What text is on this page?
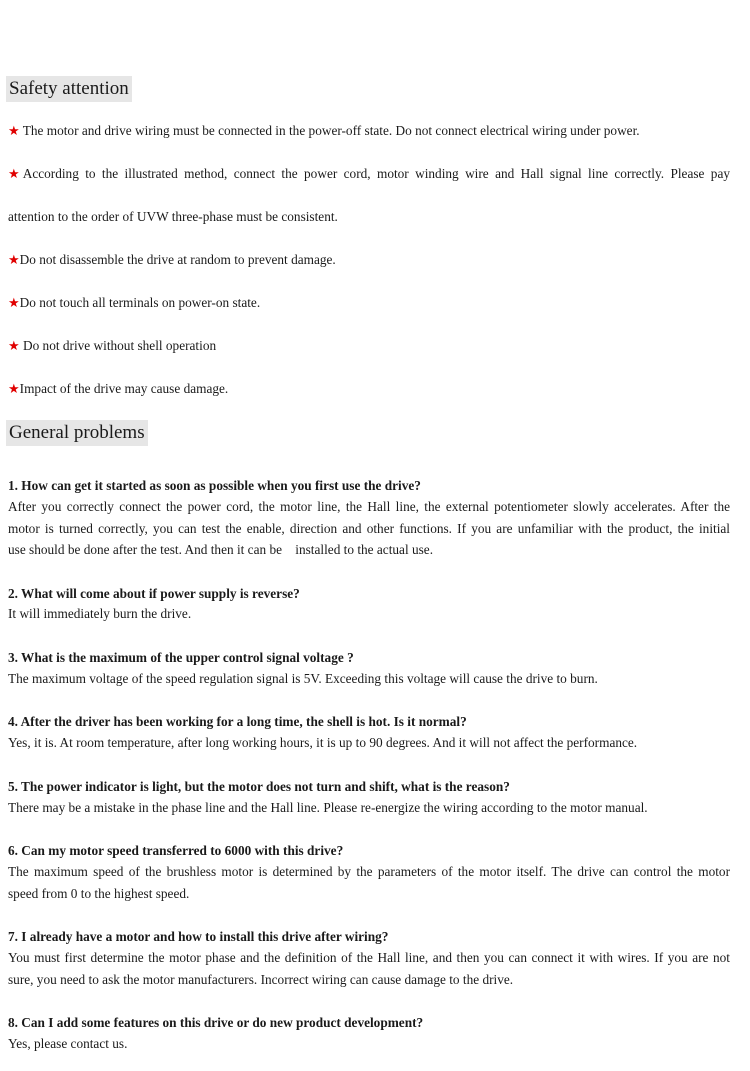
Safety attention
★ The motor and drive wiring must be connected in the power-off state. Do not connect electrical wiring under power.
★According to the illustrated method, connect the power cord, motor winding wire and Hall signal line correctly. Please pay
attention to the order of UVW three-phase must be consistent.
★Do not disassemble the drive at random to prevent damage.
★Do not touch all terminals on power-on state.
★ Do not drive without shell operation
★Impact of the drive may cause damage.
General problems
1. How can get it started as soon as possible when you first use the drive?
After you correctly connect the power cord, the motor line, the Hall line, the external potentiometer slowly accelerates. After the
motor is turned correctly, you can test the enable, direction and other functions. If you are unfamiliar with the product, the initial
use should be done after the test. And then it can be    installed to the actual use.
2. What will come about if power supply is reverse?
It will immediately burn the drive.
3. What is the maximum of the upper control signal voltage ?
The maximum voltage of the speed regulation signal is 5V. Exceeding this voltage will cause the drive to burn.
4. After the driver has been working for a long time, the shell is hot. Is it normal?
Yes, it is. At room temperature, after long working hours, it is up to 90 degrees. And it will not affect the performance.
5. The power indicator is light, but the motor does not turn and shift, what is the reason?
There may be a mistake in the phase line and the Hall line. Please re-energize the wiring according to the motor manual.
6. Can my motor speed transferred to 6000 with this drive?
The maximum speed of the brushless motor is determined by the parameters of the motor itself. The drive can control the motor
speed from 0 to the highest speed.
7. I already have a motor and how to install this drive after wiring?
You must first determine the motor phase and the definition of the Hall line, and then you can connect it with wires. If you are not
sure, you need to ask the motor manufacturers. Incorrect wiring can cause damage to the drive.
8. Can I add some features on this drive or do new product development?
Yes, please contact us.
